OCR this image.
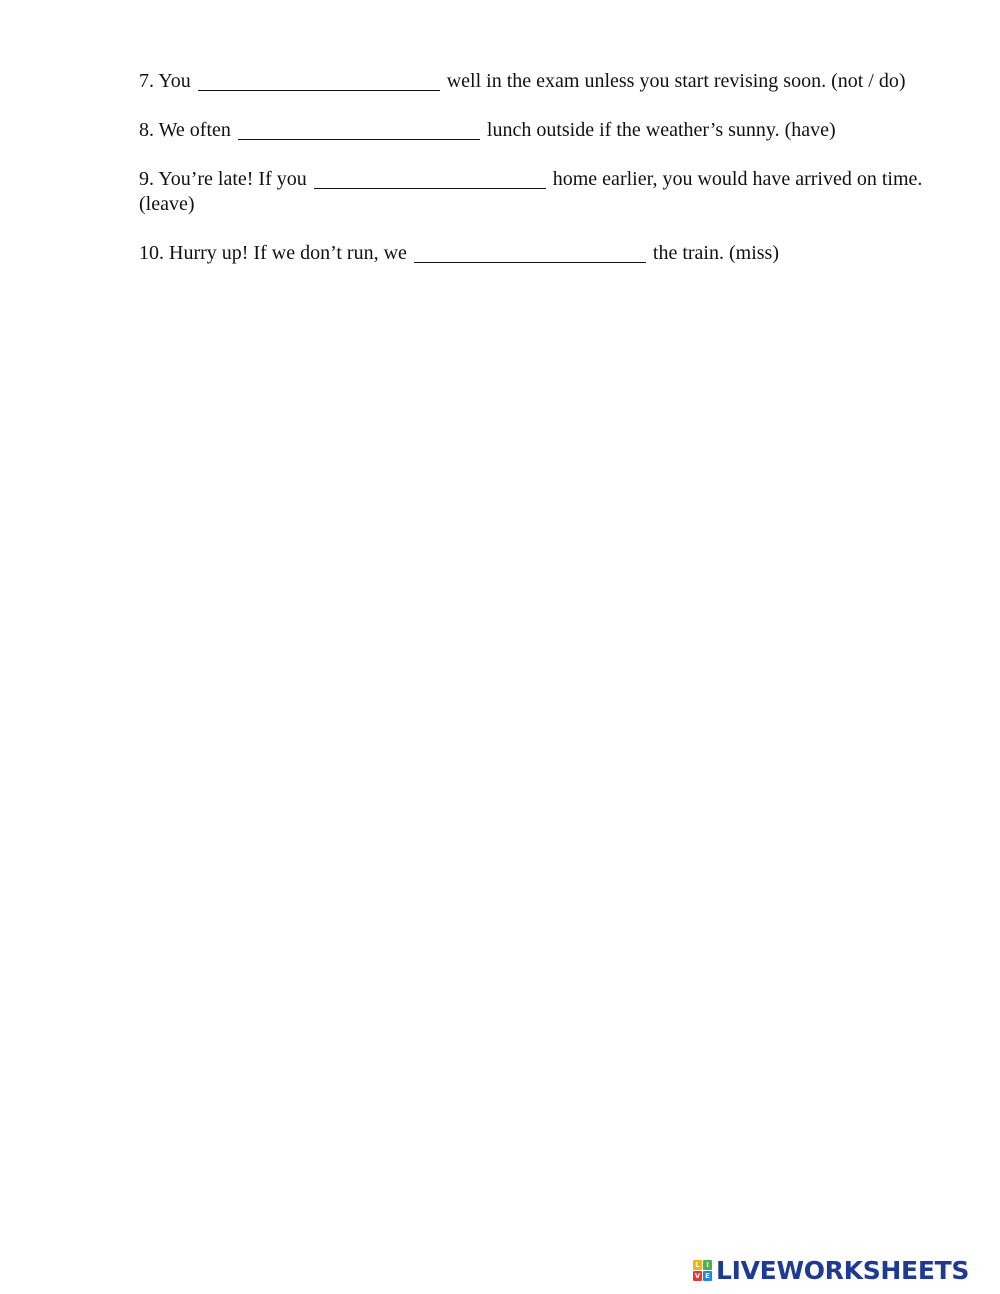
7. You	well in the exam unless you start revising soon. (not / do)

8. We often	lunch outside if the weather’s sunny. (have)

9. You’re late! If you	home earlier, you would have arrived on time. (leave)

10. Hurry up! If we don’t run, we	the train. (miss)

L I
V E LIVEWORKSHEETS
